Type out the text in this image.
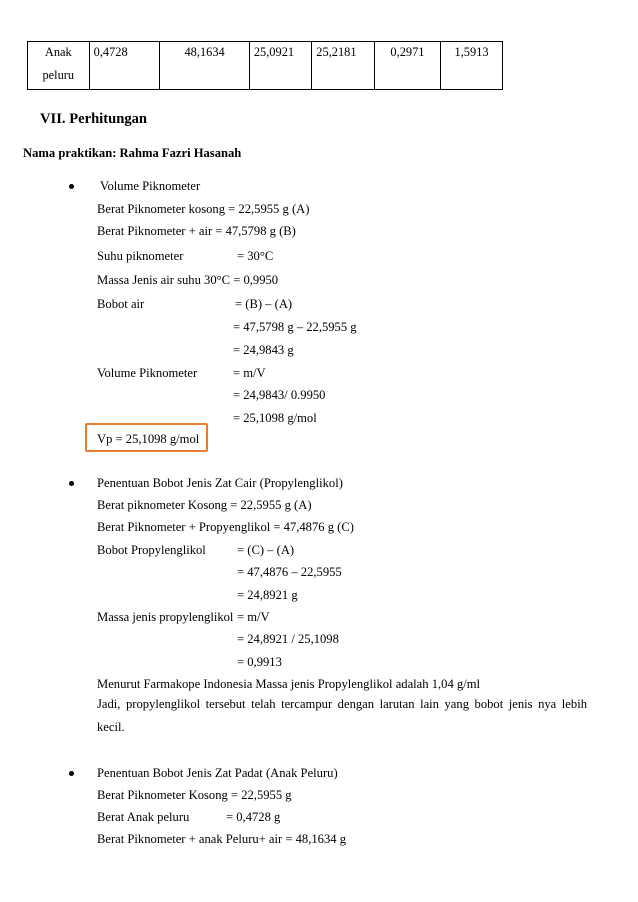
Anak
peluru
	0,4728	48,1634	25,0921	25,2181	0,2971	1,5913
VII. Perhitungan
Nama praktikan: Rahma Fazri Hasanah
Volume Piknometer
Berat Piknometer kosong = 22,5955 g (A)
Berat Piknometer + air = 47,5798 g (B)
Suhu piknometer	= 30°C
Massa Jenis air suhu 30°C = 0,9950
Bobot air	= (B) – (A)
= 47,5798 g – 22,5955 g
= 24,9843 g
Volume Piknometer	= m/V
= 24,9843/ 0.9950
= 25,1098 g/mol
Vp = 25,1098 g/mol
Penentuan Bobot Jenis Zat Cair (Propylenglikol)
Berat piknometer Kosong = 22,5955 g (A)
Berat Piknometer + Propyenglikol = 47,4876 g (C)
Bobot Propylenglikol = (C) – (A)
= 47,4876 – 22,5955
= 24,8921 g
Massa jenis propylenglikol = m/V
= 24,8921 / 25,1098
= 0,9913
Menurut Farmakope Indonesia Massa jenis Propylenglikol adalah 1,04 g/ml
Jadi, propylenglikol tersebut telah tercampur dengan larutan lain yang bobot jenis nya lebih
kecil.
Penentuan Bobot Jenis Zat Padat (Anak Peluru)
Berat Piknometer Kosong = 22,5955 g
Berat Anak peluru	= 0,4728 g
Berat Piknometer + anak Peluru+ air = 48,1634 g
